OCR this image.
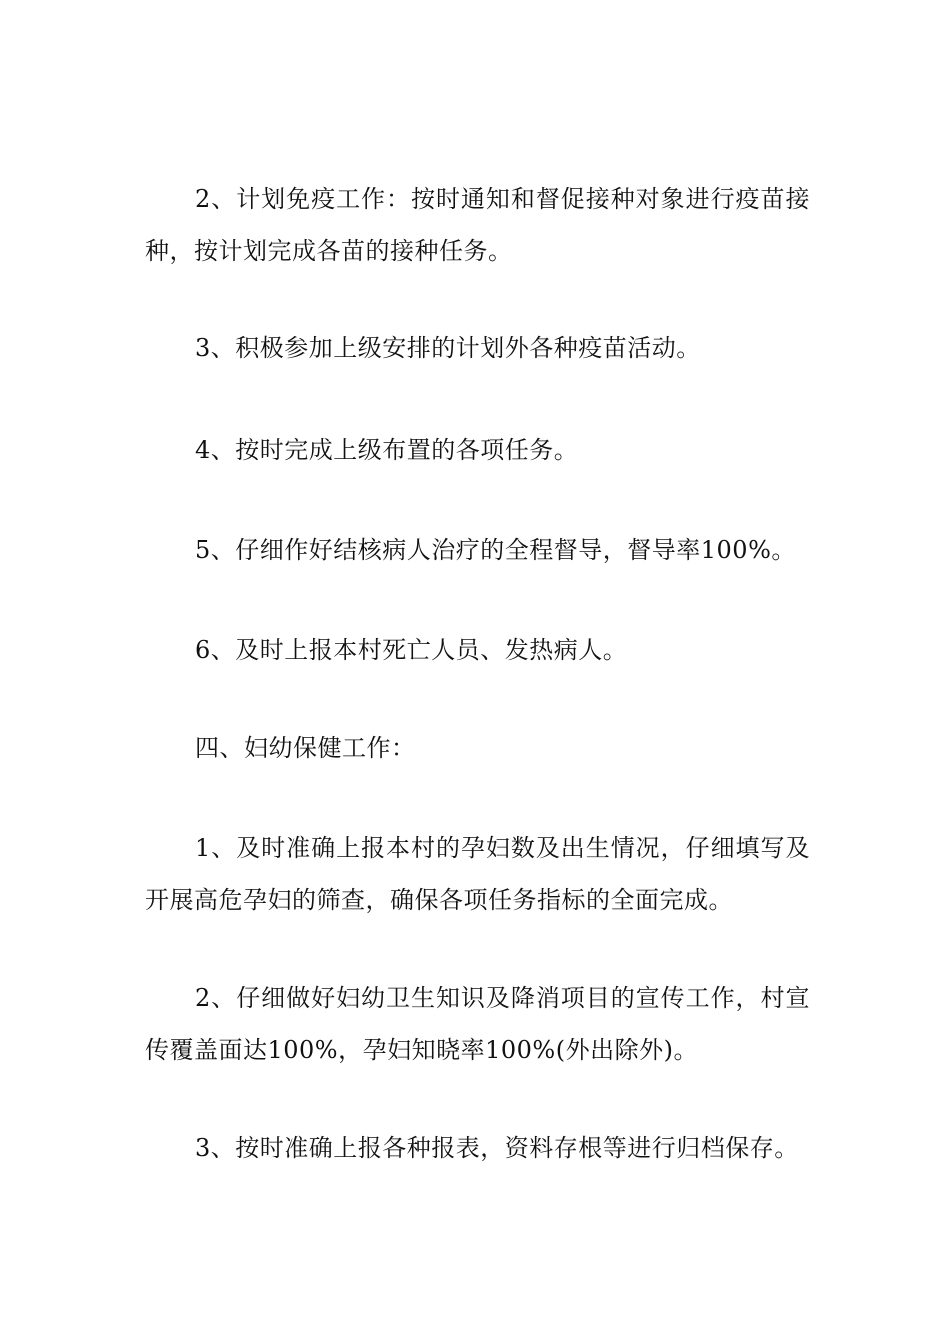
2、计划免疫工作：按时通知和督促接种对象进行疫苗接种，按计划完成各苗的接种任务。

3、积极参加上级安排的计划外各种疫苗活动。

4、按时完成上级布置的各项任务。

5、仔细作好结核病人治疗的全程督导，督导率100%。

6、及时上报本村死亡人员、发热病人。

四、妇幼保健工作：

1、及时准确上报本村的孕妇数及出生情况，仔细填写及开展高危孕妇的筛查，确保各项任务指标的全面完成。

2、仔细做好妇幼卫生知识及降消项目的宣传工作，村宣传覆盖面达100%，孕妇知晓率100%(外出除外)。

3、按时准确上报各种报表，资料存根等进行归档保存。
